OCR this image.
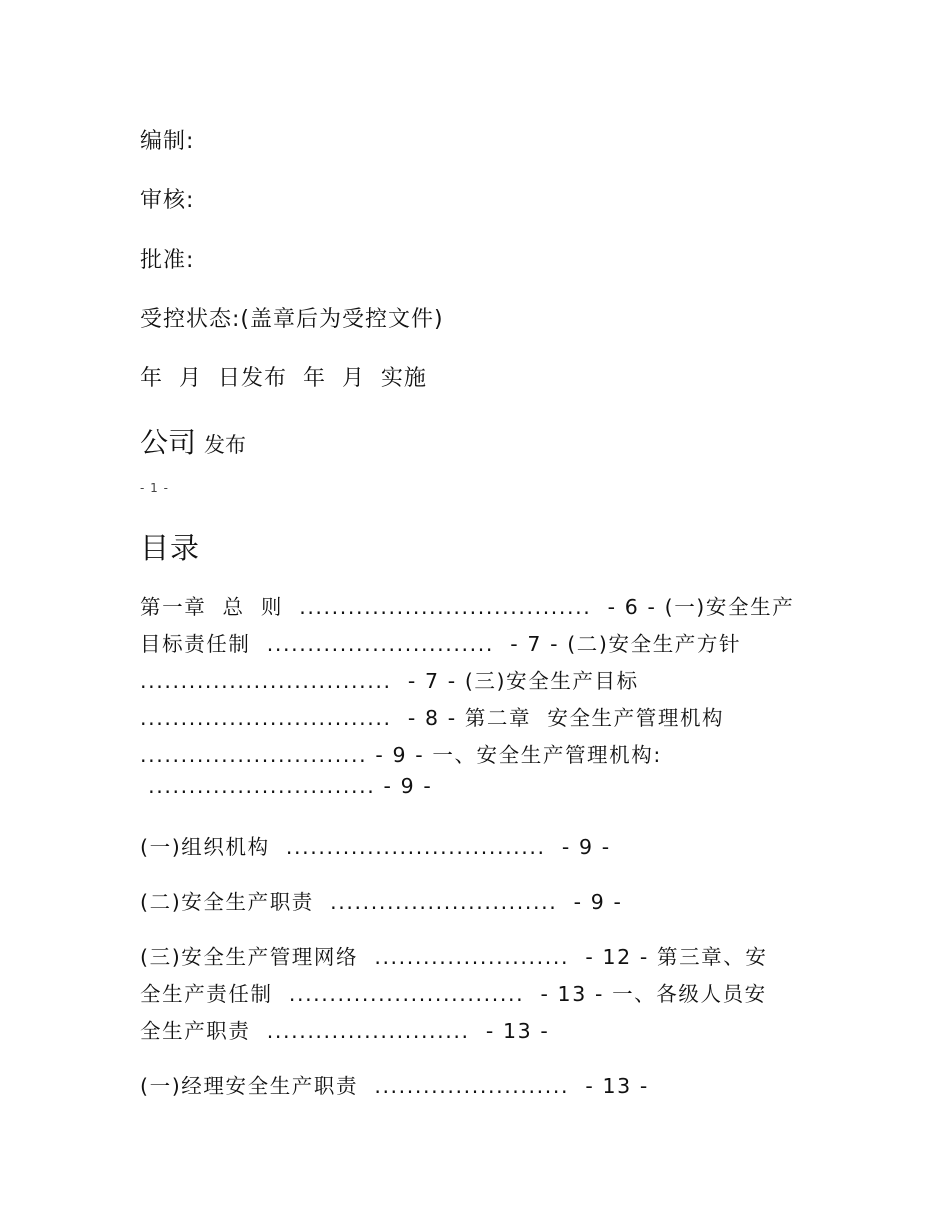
编制:

审核:

批准:

受控状态:(盖章后为受控文件)

年  月  日发布  年  月  实施

公司 发布

- 1 -

目录

第一章  总  则  ....................................  - 6 - (一)安全生产

目标责任制  ............................  - 7 - (二)安全生产方针

...............................  - 7 - (三)安全生产目标

...............................  - 8 - 第二章  安全生产管理机构

............................ - 9 - 一、安全生产管理机构:

............................ - 9 -

(一)组织机构  ................................  - 9 -

(二)安全生产职责  ............................  - 9 -

(三)安全生产管理网络  ........................  - 12 - 第三章、安

全生产责任制  .............................  - 13 - 一、各级人员安

全生产职责  .........................  - 13 -

(一)经理安全生产职责  ........................  - 13 -
